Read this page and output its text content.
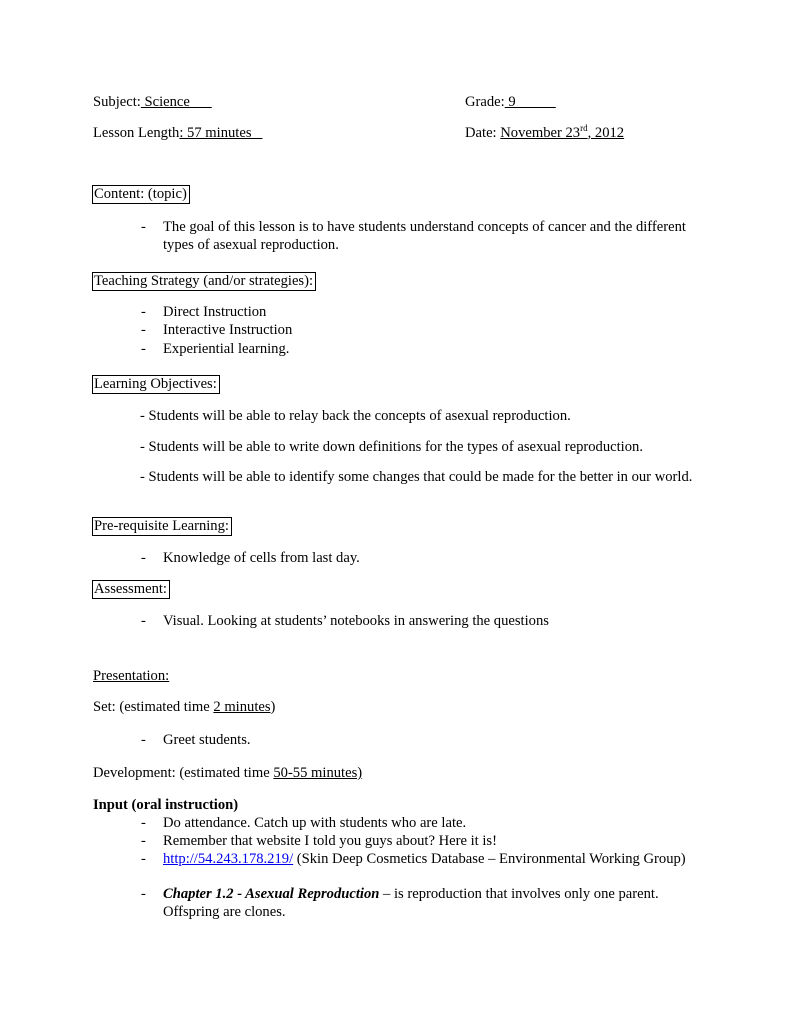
Subject: Science	Grade: 9
Lesson Length: 57 minutes	Date: November 23rd, 2012
Content: (topic)
- The goal of this lesson is to have students understand concepts of cancer and the different types of asexual reproduction.
Teaching Strategy (and/or strategies):
- Direct Instruction
- Interactive Instruction
- Experiential learning.
Learning Objectives:
- Students will be able to relay back the concepts of asexual reproduction.
- Students will be able to write down definitions for the types of asexual reproduction.
- Students will be able to identify some changes that could be made for the better in our world.
Pre-requisite Learning:
- Knowledge of cells from last day.
Assessment:
- Visual. Looking at students’ notebooks in answering the questions
Presentation:
Set: (estimated time 2 minutes)
- Greet students.
Development: (estimated time 50-55 minutes)
Input (oral instruction)
- Do attendance. Catch up with students who are late.
- Remember that website I told you guys about? Here it is!
- http://54.243.178.219/ (Skin Deep Cosmetics Database – Environmental Working Group)
- Chapter 1.2 - Asexual Reproduction – is reproduction that involves only one parent. Offspring are clones.
